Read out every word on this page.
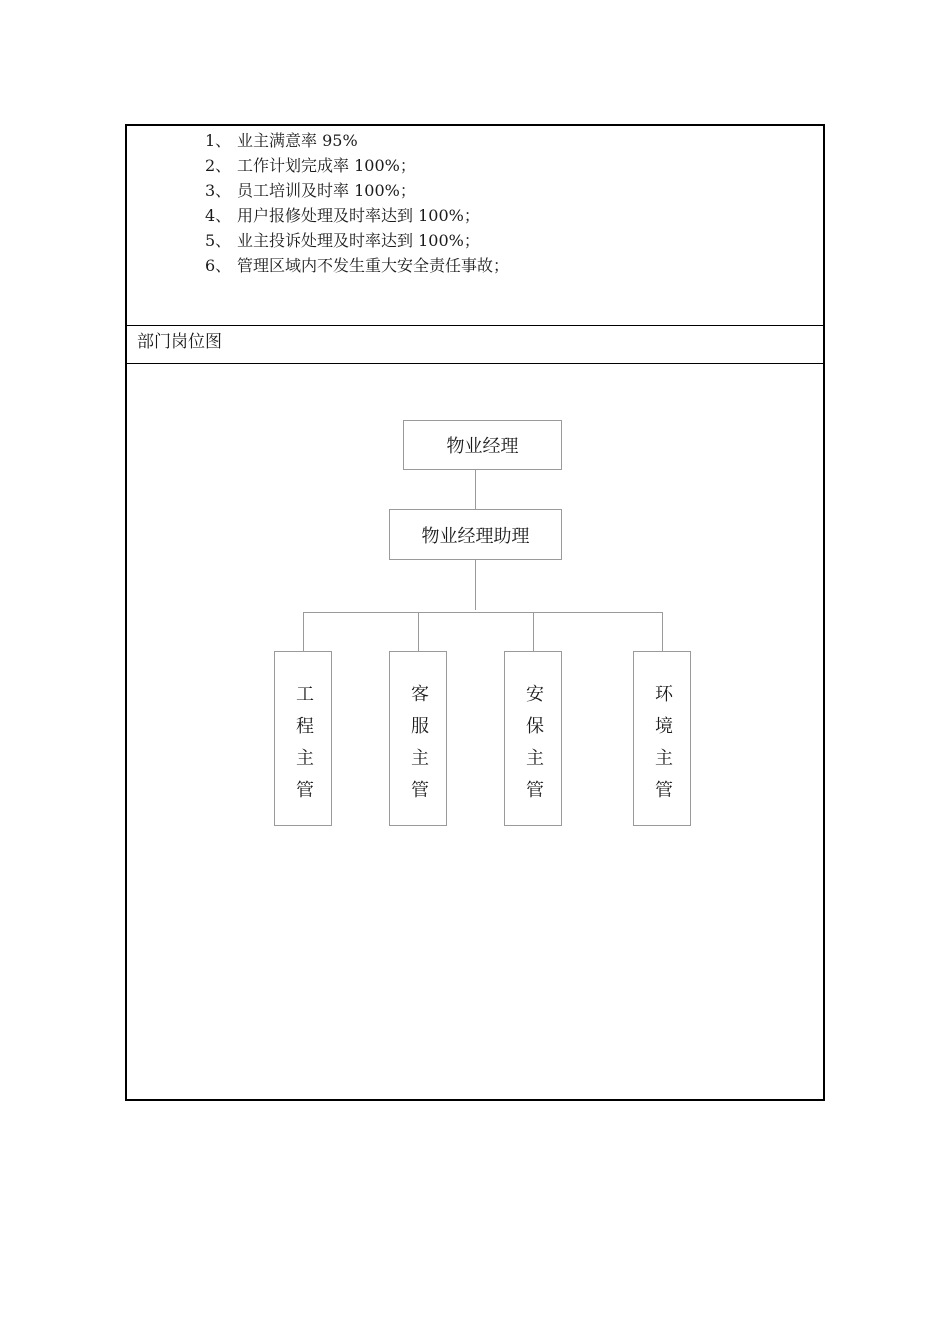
1、 业主满意率 95%
2、 工作计划完成率 100%；
3、 员工培训及时率 100%；
4、 用户报修处理及时率达到 100%；
5、 业主投诉处理及时率达到 100%；
6、 管理区域内不发生重大安全责任事故；
部门岗位图
物业经理
物业经理助理
工程主管	客服主管	安保主管	环境主管
